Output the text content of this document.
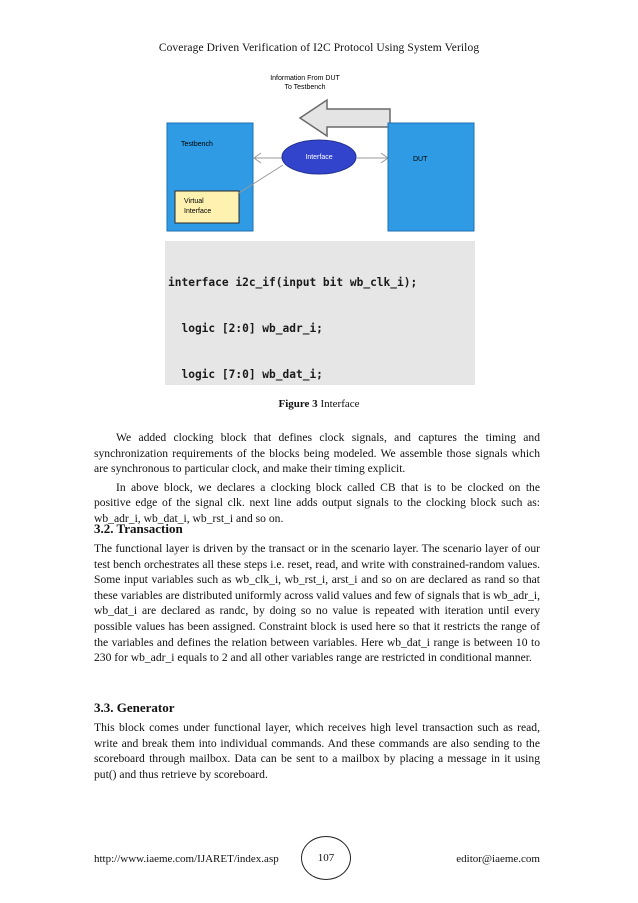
Coverage Driven Verification of I2C Protocol Using System Verilog
Information From DUT
To Testbench
Testbench
Virtual
Interface
Interface	DUT

interface i2c_if(input bit wb_clk_i);

logic [2:0] wb_adr_i;

logic [7:0] wb_dat_i;

Figure 3 Interface

We added clocking block that defines clock signals, and captures the timing and synchronization requirements of the blocks being modeled. We assemble those signals which are synchronous to particular clock, and make their timing explicit.

In above block, we declares a clocking block called CB that is to be clocked on the positive edge of the signal clk. next line adds output signals to the clocking block such as: wb_adr_i, wb_dat_i, wb_rst_i and so on.

3.2. Transaction

The functional layer is driven by the transact or in the scenario layer. The scenario layer of our test bench orchestrates all these steps i.e. reset, read, and write with constrained-random values. Some input variables such as wb_clk_i, wb_rst_i, arst_i and so on are declared as rand so that these variables are distributed uniformly across valid values and few of signals that is wb_adr_i, wb_dat_i are declared as randc, by doing so no value is repeated with iteration until every possible values has been assigned. Constraint block is used here so that it restricts the range of the variables and defines the relation between variables. Here wb_dat_i range is between 10 to 230 for wb_adr_i equals to 2 and all other variables range are restricted in conditional manner.

3.3. Generator

This block comes under functional layer, which receives high level transaction such as read, write and break them into individual commands. And these commands are also sending to the scoreboard through mailbox. Data can be sent to a mailbox by placing a message in it using put() and thus retrieve by scoreboard.

http://www.iaeme.com/IJARET/index.asp	107	editor@iaeme.com
